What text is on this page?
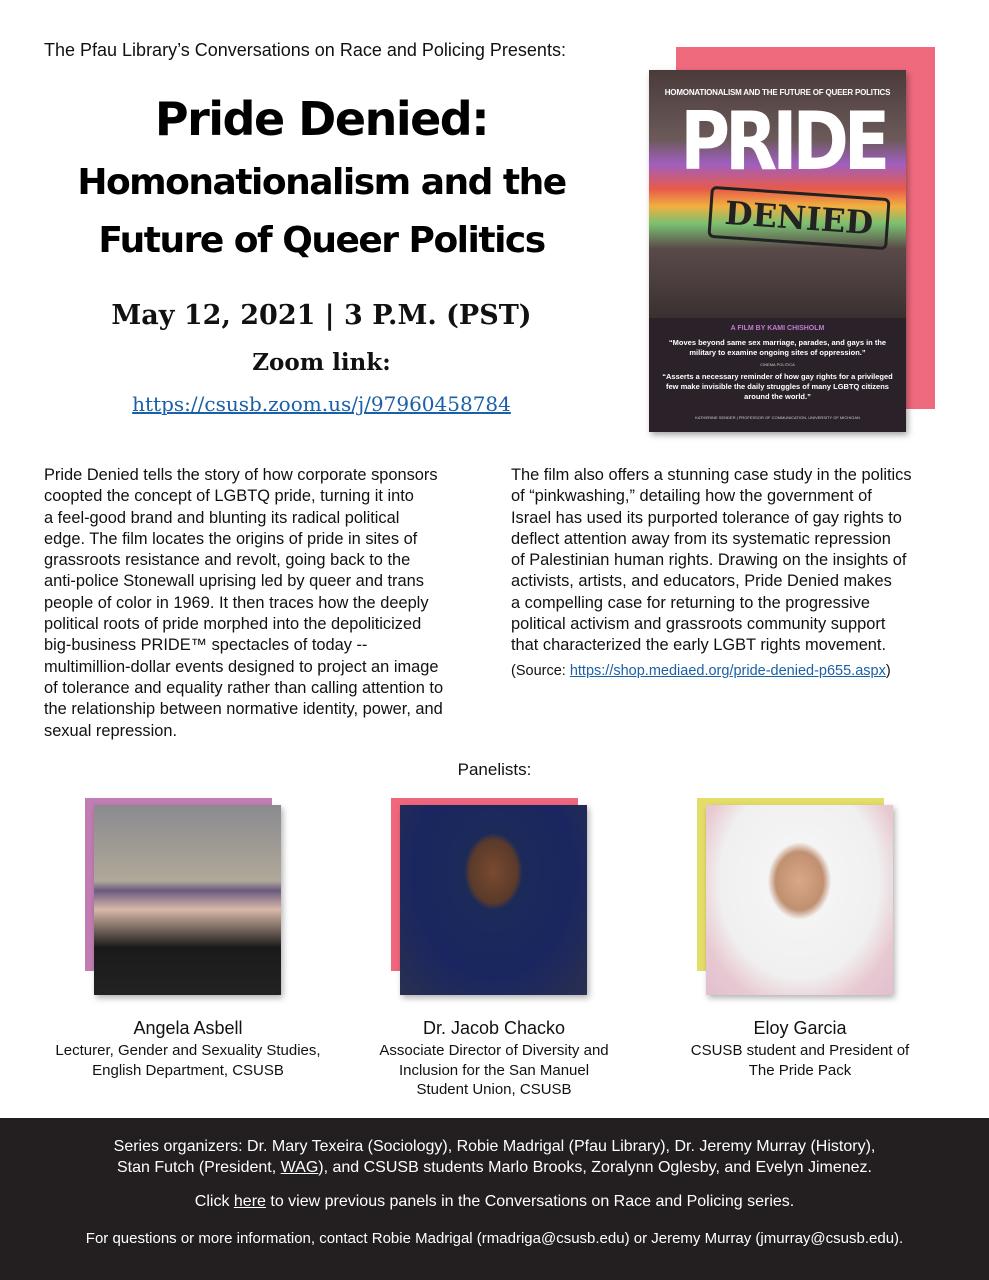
The Pfau Library’s Conversations on Race and Policing Presents:
Pride Denied:
Homonationalism and the
Future of Queer Politics
May 12, 2021 | 3 P.M. (PST)
Zoom link:
https://csusb.zoom.us/j/97960458784
HOMONATIONALISM AND THE FUTURE OF QUEER POLITICS
PRIDE
DENIED
A FILM BY KAMI CHISHOLM
“Moves beyond same sex marriage, parades, and gays in the military to examine ongoing sites of oppression.”
CINEMA POLITICA
“Asserts a necessary reminder of how gay rights for a privileged few make invisible the daily struggles of many LGBTQ citizens around the world.”
KATHERINE SENDER | PROFESSOR OF COMMUNICATION, UNIVERSITY OF MICHIGAN
Pride Denied tells the story of how corporate sponsors
coopted the concept of LGBTQ pride, turning it into
a feel-good brand and blunting its radical political
edge. The film locates the origins of pride in sites of
grassroots resistance and revolt, going back to the
anti-police Stonewall uprising led by queer and trans
people of color in 1969. It then traces how the deeply
political roots of pride morphed into the depoliticized
big-business PRIDE™ spectacles of today --
multimillion-dollar events designed to project an image
of tolerance and equality rather than calling attention to
the relationship between normative identity, power, and
sexual repression.
The film also offers a stunning case study in the politics
of “pinkwashing,” detailing how the government of
Israel has used its purported tolerance of gay rights to
deflect attention away from its systematic repression
of Palestinian human rights. Drawing on the insights of
activists, artists, and educators, Pride Denied makes
a compelling case for returning to the progressive
political activism and grassroots community support
that characterized the early LGBT rights movement.
(Source: https://shop.mediaed.org/pride-denied-p655.aspx)
Panelists:
Angela Asbell
Lecturer, Gender and Sexuality Studies,
English Department, CSUSB
Dr. Jacob Chacko
Associate Director of Diversity and
Inclusion for the San Manuel
Student Union, CSUSB
Eloy Garcia
CSUSB student and President of
The Pride Pack
Series organizers: Dr. Mary Texeira (Sociology), Robie Madrigal (Pfau Library), Dr. Jeremy Murray (History),
Stan Futch (President, WAG), and CSUSB students Marlo Brooks, Zoralynn Oglesby, and Evelyn Jimenez.
Click here to view previous panels in the Conversations on Race and Policing series.
For questions or more information, contact Robie Madrigal (rmadriga@csusb.edu) or Jeremy Murray (jmurray@csusb.edu).
